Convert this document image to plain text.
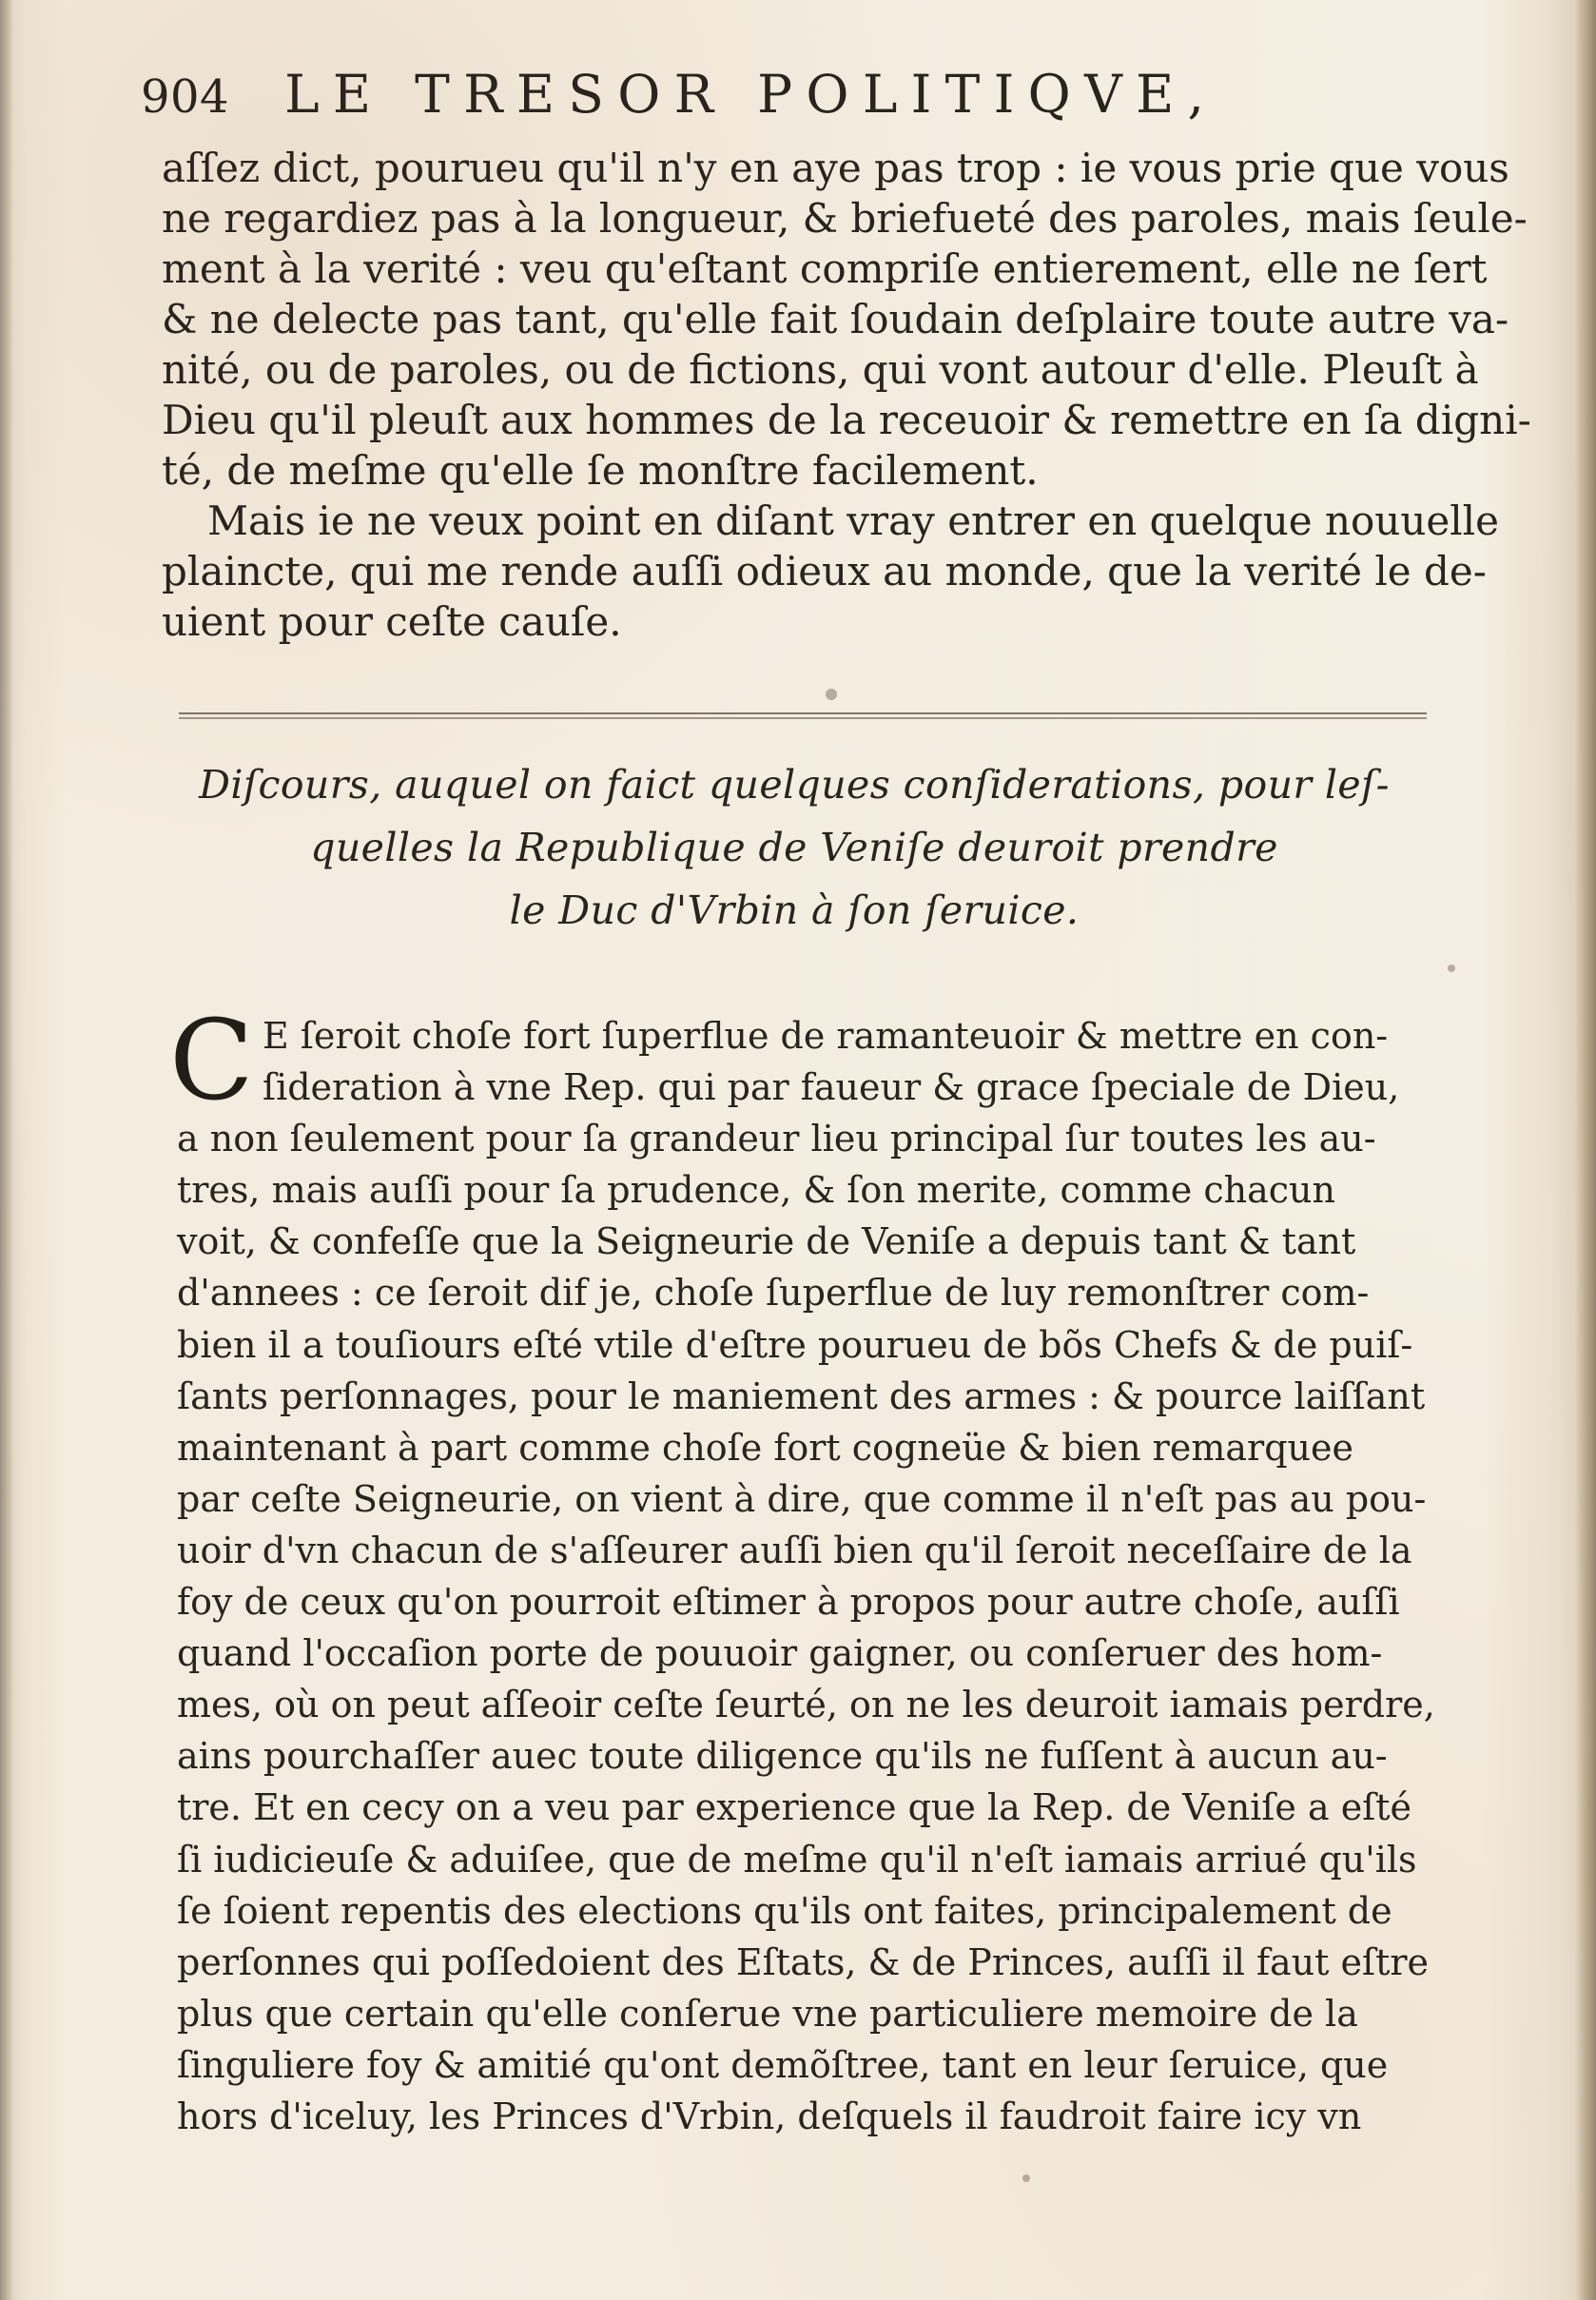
904 LE TRESOR POLITIQVE,
aſſez dict, pourueu qu'il n'y en aye pas trop : ie vous prie que vous
ne regardiez pas à la longueur, & briefueté des paroles, mais ſeule-
ment à la verité : veu qu'eſtant compriſe entierement, elle ne ſert
& ne delecte pas tant, qu'elle fait ſoudain deſplaire toute autre va-
nité, ou de paroles, ou de fictions, qui vont autour d'elle. Pleuſt à
Dieu qu'il pleuſt aux hommes de la receuoir & remettre en ſa digni-
té, de meſme qu'elle ſe monſtre facilement.
Mais ie ne veux point en diſant vray entrer en quelque nouuelle
plaincte, qui me rende auſſi odieux au monde, que la verité le de-
uient pour ceſte cauſe.
Diſcours, auquel on faict quelques conſiderations, pour leſ-
quelles la Republique de Veniſe deuroit prendre
le Duc d'Vrbin à ſon ſeruice.
C E ſeroit choſe fort ſuperflue de ramanteuoir & mettre en con-
ſideration à vne Rep. qui par faueur & grace ſpeciale de Dieu,
a non ſeulement pour ſa grandeur lieu principal ſur toutes les au-
tres, mais auſſi pour ſa prudence, & ſon merite, comme chacun
voit, & confeſſe que la Seigneurie de Veniſe a depuis tant & tant
d'annees : ce ſeroit dif je, choſe ſuperflue de luy remonſtrer com-
bien il a touſiours eſté vtile d'eſtre pourueu de bõs Chefs & de puiſ-
ſants perſonnages, pour le maniement des armes : & pource laiſſant
maintenant à part comme choſe fort cogneüe & bien remarquee
par ceſte Seigneurie, on vient à dire, que comme il n'eſt pas au pou-
uoir d'vn chacun de s'aſſeurer auſſi bien qu'il ſeroit neceſſaire de la
foy de ceux qu'on pourroit eſtimer à propos pour autre choſe, auſſi
quand l'occaſion porte de pouuoir gaigner, ou conſeruer des hom-
mes, où on peut aſſeoir ceſte ſeurté, on ne les deuroit iamais perdre,
ains pourchaſſer auec toute diligence qu'ils ne fuſſent à aucun au-
tre. Et en cecy on a veu par experience que la Rep. de Veniſe a eſté
ſi iudicieuſe & aduiſee, que de meſme qu'il n'eſt iamais arriué qu'ils
ſe ſoient repentis des elections qu'ils ont faites, principalement de
perſonnes qui poſſedoient des Eſtats, & de Princes, auſſi il faut eſtre
plus que certain qu'elle conſerue vne particuliere memoire de la
ſinguliere foy & amitié qu'ont demõſtree, tant en leur ſeruice, que
hors d'iceluy, les Princes d'Vrbin, deſquels il faudroit faire icy vn
